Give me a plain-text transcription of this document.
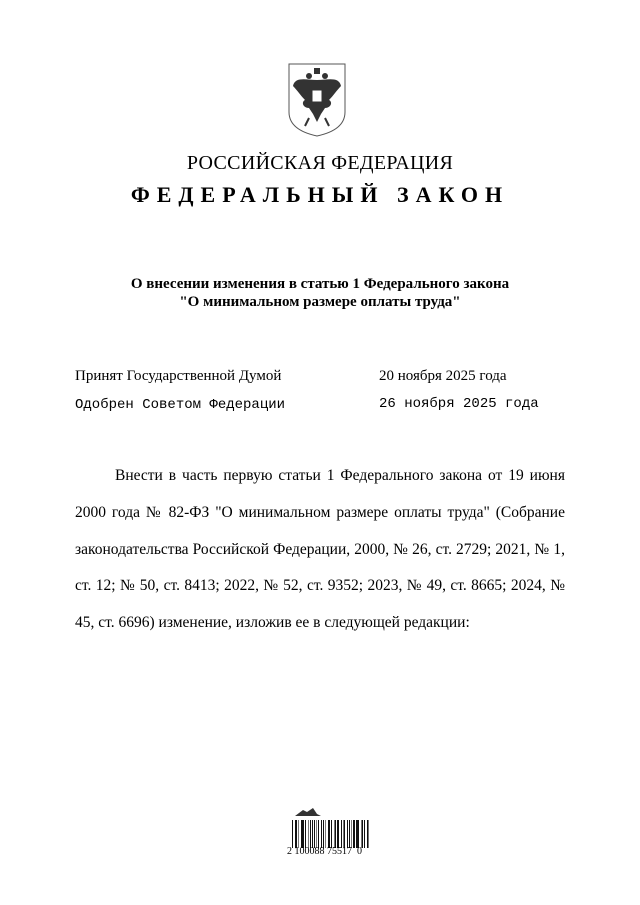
РОССИЙСКАЯ ФЕДЕРАЦИЯ
ФЕДЕРАЛЬНЫЙ ЗАКОН
О внесении изменения в статью 1 Федерального закона
"О минимальном размере оплаты труда"
Принят Государственной Думой	20 ноября 2025 года
Одобрен Советом Федерации	26 ноября 2025 года
Внести в часть первую статьи 1 Федерального закона от 19 июня 2000 года № 82-ФЗ "О минимальном размере оплаты труда" (Собрание законодательства Российской Федерации, 2000, № 26, ст. 2729; 2021, № 1, ст. 12; № 50, ст. 8413; 2022, № 52, ст. 9352; 2023, № 49, ст. 8665; 2024, № 45, ст. 6696) изменение, изложив ее в следующей редакции:
2 100088 75517  0
